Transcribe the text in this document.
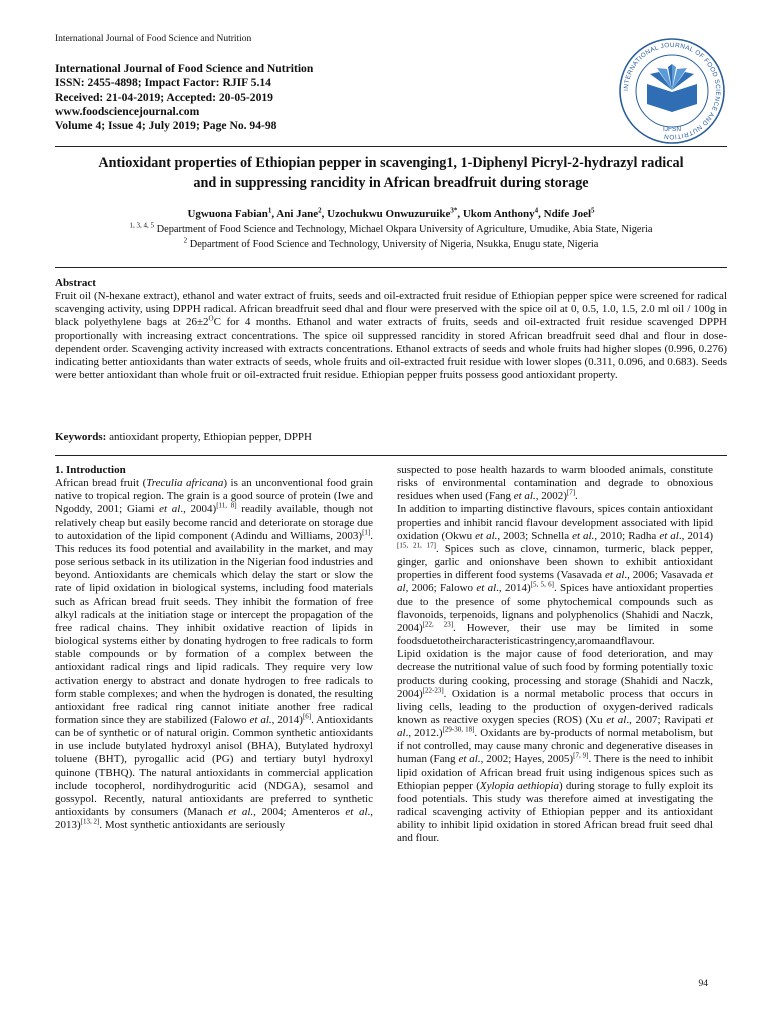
International Journal of Food Science and Nutrition
International Journal of Food Science and Nutrition
ISSN: 2455-4898; Impact Factor: RJIF 5.14
Received: 21-04-2019; Accepted: 20-05-2019
www.foodsciencejournal.com
Volume 4; Issue 4; July 2019; Page No. 94-98
INTERNATIONAL JOURNAL OF FOOD SCIENCE AND NUTRITION
IJFSN
Antioxidant properties of Ethiopian pepper in scavenging1, 1-Diphenyl Picryl-2-hydrazyl radical
and in suppressing rancidity in African breadfruit during storage
Ugwuona Fabian$^1$, Ani Jane$^2$, Uzochukwu Onwuzuruike$^{3*}$, Ukom Anthony$^4$, Ndife Joel$^5$
$^{1, 3, 4, 5}$ Department of Food Science and Technology, Michael Okpara University of Agriculture, Umudike, Abia State, Nigeria
$^2$ Department of Food Science and Technology, University of Nigeria, Nsukka, Enugu state, Nigeria
Abstract

Fruit oil (N-hexane extract), ethanol and water extract of fruits, seeds and oil-extracted fruit residue of Ethiopian pepper spice were screened for radical scavenging activity, using DPPH radical. African breadfruit seed dhal and flour were preserved with the spice oil at 0, 0.5, 1.0, 1.5, 2.0 ml oil / 100g in black polyethylene bags at $26\pm 2^OC$ for 4 months. Ethanol and water extracts of fruits, seeds and oil-extracted fruit residue scavenged DPPH proportionally with increasing extract concentrations. The spice oil suppressed rancidity in stored African breadfruit seed dhal and flour in dose-dependent order. Scavenging activity increased with extracts concentrations. Ethanol extracts of seeds and whole fruits had higher slopes (0.996, 0.276) indicating better antioxidants than water extracts of seeds, whole fruits and oil-extracted fruit residue with lower slopes (0.311, 0.096, and 0.683). Seeds were better antioxidant than whole fruit or oil-extracted fruit residue. Ethiopian pepper fruits possess good antioxidant property.

Keywords: antioxidant property, Ethiopian pepper, DPPH

1. Introduction

African bread fruit (Treculia africana) is an unconventional food grain native to tropical region. The grain is a good source of protein (Iwe and Ngoddy, 2001; Giami et al., 2004)[11, 8] readily available, though not relatively cheap but easily become rancid and deteriorate on storage due to autoxidation of the lipid component (Adindu and Williams, 2003)[1]. This reduces its food potential and availability in the market, and may pose serious setback in its utilization in the Nigerian food industries and beyond. Antioxidants are chemicals which delay the start or slow the rate of lipid oxidation in biological systems, including food materials such as African bread fruit seeds. They inhibit the formation of free alkyl radicals at the initiation stage or intercept the propagation of the free radical chains. They inhibit oxidative reaction of lipids in biological systems either by donating hydrogen to free radicals to form stable compounds or by formation of a complex between the antioxidant radical rings and lipid radicals. They require very low activation energy to abstract and donate hydrogen to free radicals to form stable complexes; and when the hydrogen is donated, the resulting antioxidant free radical ring cannot initiate another free radical formation since they are stabilized (Falowo et al., 2014)[6]. Antioxidants can be of synthetic or of natural origin. Common synthetic antioxidants in use include butylated hydroxyl anisol (BHA), Butylated hydroxyl toluene (BHT), pyrogallic acid (PG) and tertiary butyl hydroxyl quinone (TBHQ). The natural antioxidants in commercial application include tocopherol, nordihydroguritic acid (NDGA), sesamol and gossypol. Recently, natural antioxidants are preferred to synthetic antioxidants by consumers (Manach et al., 2004; Amenteros et al., 2013)[13, 2]. Most synthetic antioxidants are seriously

suspected to pose health hazards to warm blooded animals, constitute risks of environmental contamination and degrade to obnoxious residues when used (Fang et al., 2002)[7].

In addition to imparting distinctive flavours, spices contain antioxidant properties and inhibit rancid flavour development associated with lipid oxidation (Okwu et al., 2003; Schnella et al., 2010; Radha et al., 2014)[15, 21, 17]. Spices such as clove, cinnamon, turmeric, black pepper, ginger, garlic and onionshave been shown to exhibit antioxidant properties in different food systems (Vasavada et al., 2006; Vasavada et al, 2006; Falowo et al., 2014)[5, 5, 6]. Spices have antioxidant properties due to the presence of some phytochemical compounds such as flavonoids, terpenoids, lignans and polyphenolics (Shahidi and Naczk, 2004)[22, 23]. However, their use may be limited in some foodsduetotheircharacteristicastringency,aromaandflavour.

Lipid oxidation is the major cause of food deterioration, and may decrease the nutritional value of such food by forming potentially toxic products during cooking, processing and storage (Shahidi and Naczk, 2004)[22-23]. Oxidation is a normal metabolic process that occurs in living cells, leading to the production of oxygen-derived radicals known as reactive oxygen species (ROS) (Xu et al., 2007; Ravipati et al., 2012.)[29-30, 18]. Oxidants are by-products of normal metabolism, but if not controlled, may cause many chronic and degenerative diseases in human (Fang et al., 2002; Hayes, 2005)[7, 9]. There is the need to inhibit lipid oxidation of African bread fruit using indigenous spices such as Ethiopian pepper (Xylopia aethiopia) during storage to fully exploit its food potentials. This study was therefore aimed at investigating the radical scavenging activity of Ethiopian pepper and its antioxidant ability to inhibit lipid oxidation in stored African bread fruit seed dhal and flour.

94
